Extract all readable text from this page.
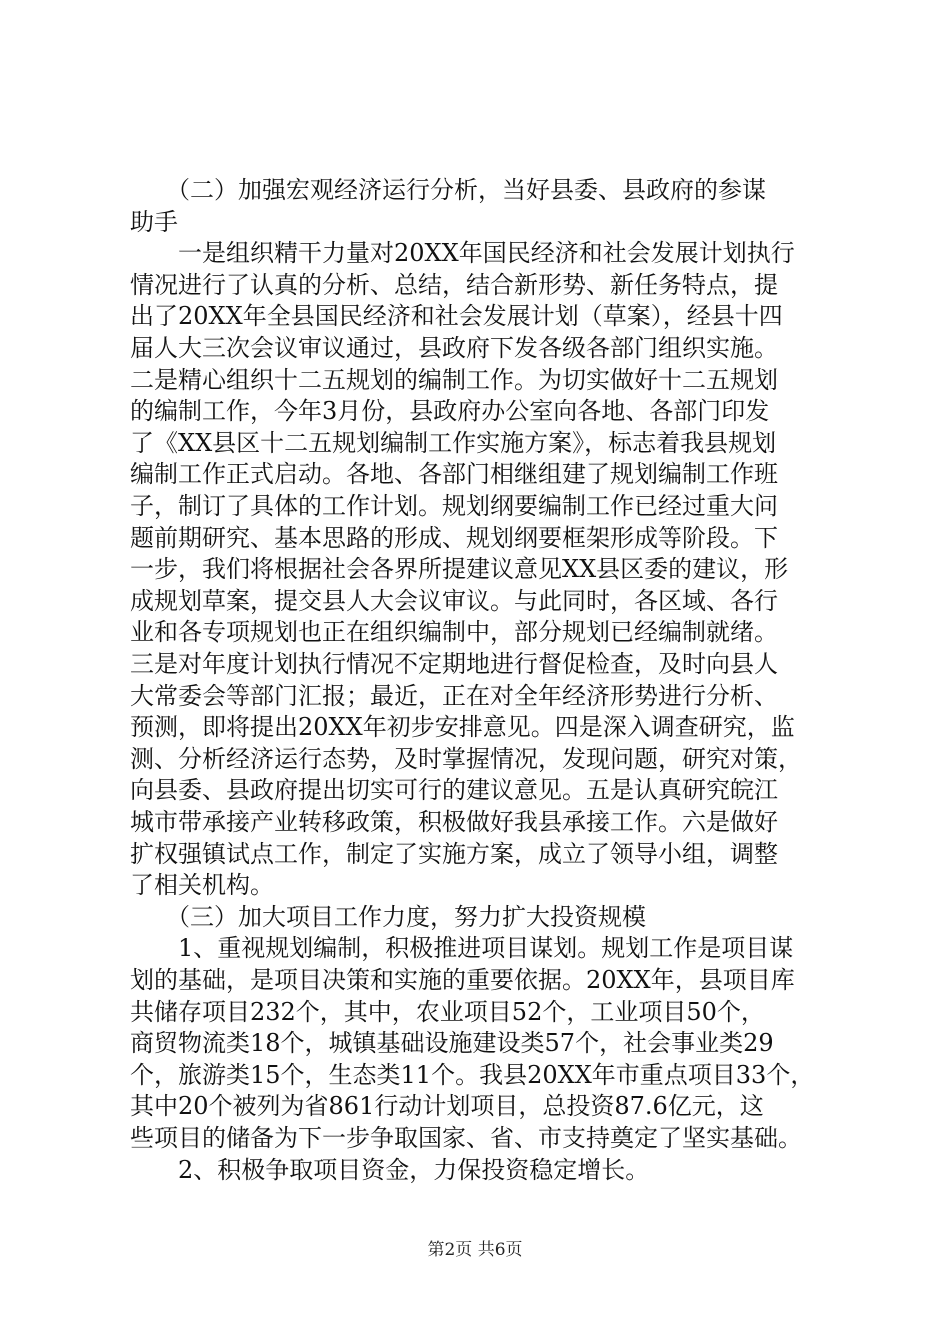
　　（二）加强宏观经济运行分析，当好县委、县政府的参谋
助手
　　一是组织精干力量对20XX年国民经济和社会发展计划执行
情况进行了认真的分析、总结，结合新形势、新任务特点，提
出了20XX年全县国民经济和社会发展计划（草案），经县十四
届人大三次会议审议通过，县政府下发各级各部门组织实施。
二是精心组织十二五规划的编制工作。为切实做好十二五规划
的编制工作，今年3月份，县政府办公室向各地、各部门印发
了《XX县区十二五规划编制工作实施方案》，标志着我县规划
编制工作正式启动。各地、各部门相继组建了规划编制工作班
子，制订了具体的工作计划。规划纲要编制工作已经过重大问
题前期研究、基本思路的形成、规划纲要框架形成等阶段。下
一步，我们将根据社会各界所提建议意见XX县区委的建议，形
成规划草案，提交县人大会议审议。与此同时，各区域、各行
业和各专项规划也正在组织编制中，部分规划已经编制就绪。
三是对年度计划执行情况不定期地进行督促检查，及时向县人
大常委会等部门汇报；最近，正在对全年经济形势进行分析、
预测，即将提出20XX年初步安排意见。四是深入调查研究，监
测、分析经济运行态势，及时掌握情况，发现问题，研究对策，
向县委、县政府提出切实可行的建议意见。五是认真研究皖江
城市带承接产业转移政策，积极做好我县承接工作。六是做好
扩权强镇试点工作，制定了实施方案，成立了领导小组，调整
了相关机构。
　　（三）加大项目工作力度，努力扩大投资规模
　　1、重视规划编制，积极推进项目谋划。规划工作是项目谋
划的基础，是项目决策和实施的重要依据。20XX年，县项目库
共储存项目232个，其中，农业项目52个，工业项目50个，
商贸物流类18个，城镇基础设施建设类57个，社会事业类29
个，旅游类15个，生态类11个。我县20XX年市重点项目33个，
其中20个被列为省861行动计划项目，总投资87.6亿元，这
些项目的储备为下一步争取国家、省、市支持奠定了坚实基础。
　　2、积极争取项目资金，力保投资稳定增长。
第2页 共6页
